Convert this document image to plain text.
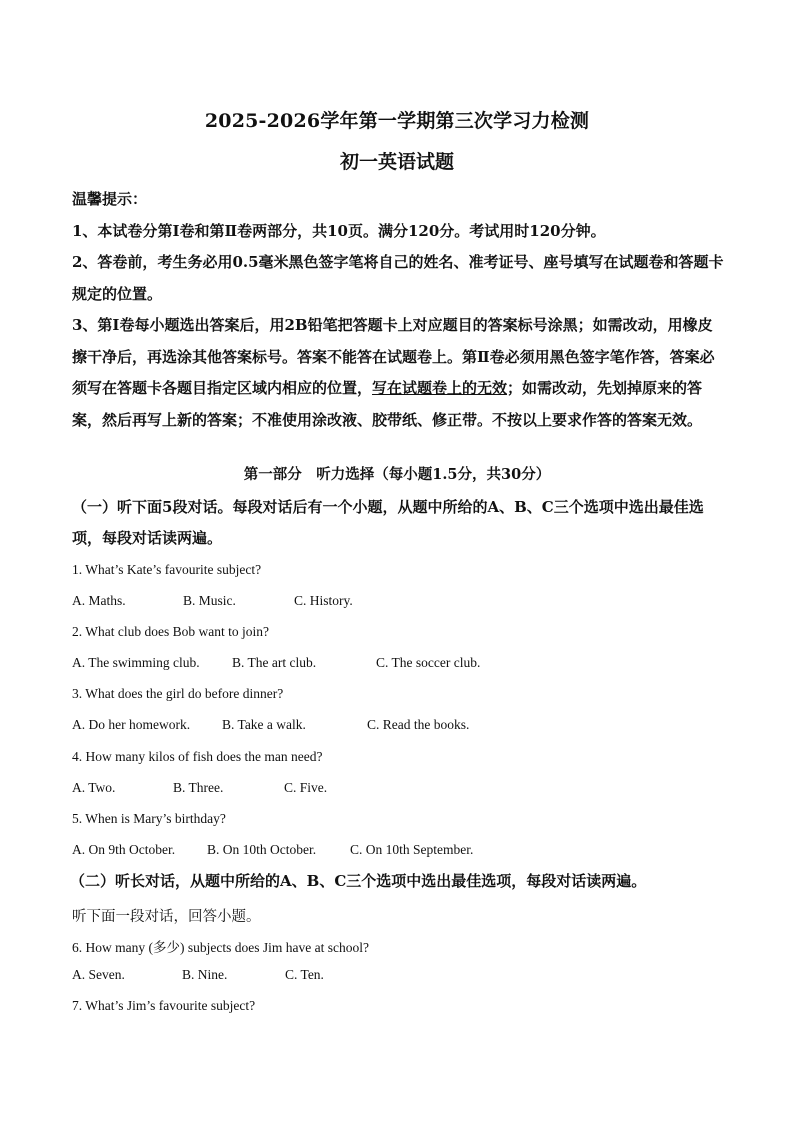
2025-2026学年第一学期第三次学习力检测
初一英语试题

温馨提示：

1、本试卷分第Ⅰ卷和第Ⅱ卷两部分，共10页。满分120分。考试用时120分钟。

2、答卷前，考生务必用0.5毫米黑色签字笔将自己的姓名、准考证号、座号填写在试题卷和答题卡规定的位置。

3、第Ⅰ卷每小题选出答案后，用2B铅笔把答题卡上对应题目的答案标号涂黑；如需改动，用橡皮擦干净后，再选涂其他答案标号。答案不能答在试题卷上。第Ⅱ卷必须用黑色签字笔作答，答案必须写在答题卡各题目指定区域内相应的位置，写在试题卷上的无效；如需改动，先划掉原来的答案，然后再写上新的答案；不准使用涂改液、胶带纸、修正带。不按以上要求作答的答案无效。

第一部分　听力选择（每小题1.5分，共30分）
（一）听下面5段对话。每段对话后有一个小题，从题中所给的A、B、C三个选项中选出最佳选项，每段对话读两遍。
1. What’s Kate’s favourite subject?
A. Maths.	B. Music.	C. History.
2. What club does Bob want to join?
A. The swimming club. B. The art club.	C. The soccer club.
3. What does the girl do before dinner?
A. Do her homework. B. Take a walk.	C. Read the books.
4. How many kilos of fish does the man need?
A. Two.	B. Three.	C. Five.
5. When is Mary’s birthday?
A. On 9th October. B. On 10th October.	C. On 10th September.
（二）听长对话，从题中所给的A、B、C三个选项中选出最佳选项，每段对话读两遍。
听下面一段对话，回答小题。
6. How many (多少) subjects does Jim have at school?
A. Seven.	B. Nine.	C. Ten.
7. What’s Jim’s favourite subject?
